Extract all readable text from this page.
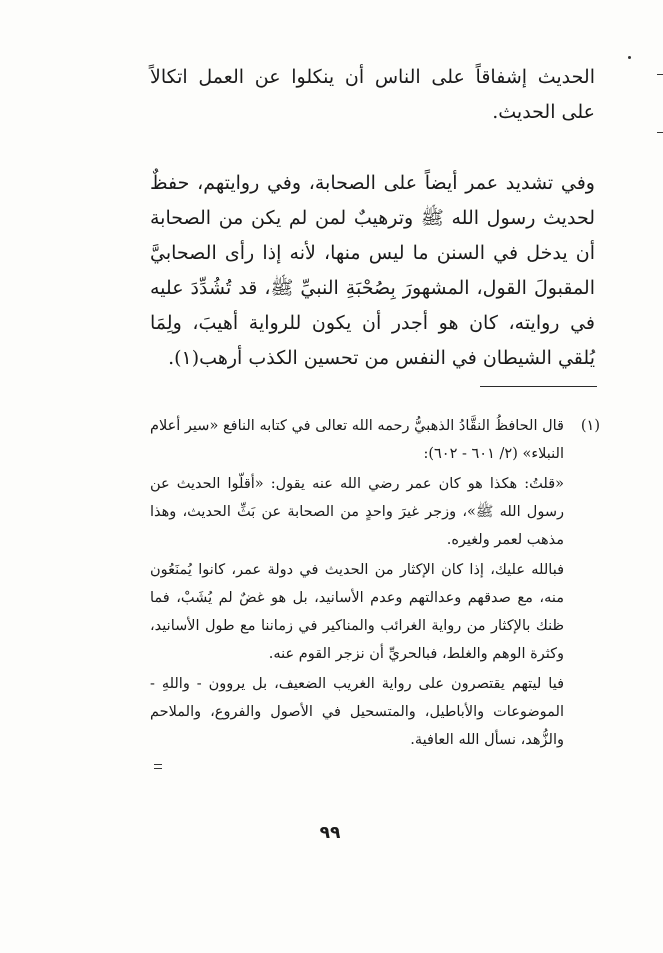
الحديث إشفاقاً على الناس أن ينكلوا عن العمل اتكالاً على الحديث.

وفي تشديد عمر أيضاً على الصحابة، وفي روايتهم، حفظٌ لحديث رسول الله ﷺ وترهيبٌ لمن لم يكن من الصحابة أن يدخل في السنن ما ليس منها، لأنه إذا رأى الصحابيَّ المقبولَ القول، المشهورَ بِصُحْبَةِ النبيِّ ﷺ، قد تُشُدِّدَ عليه في روايته، كان هو أجدر أن يكون للرواية أهيبَ، ولِمَا يُلقي الشيطان في النفس من تحسين الكذب أرهب(١).

(١)

قال الحافظُ النقَّادُ الذهبيُّ رحمه الله تعالى في كتابه النافع «سير أعلام النبلاء» (٢/ ٦٠١ - ٦٠٢):

«قلتُ: هكذا هو كان عمر رضي الله عنه يقول: «أقلّوا الحديث عن رسول الله ﷺ»، وزجر غيرَ واحدٍ من الصحابة عن بَثِّ الحديث، وهذا مذهب لعمر ولغيره.

فبالله عليك، إذا كان الإكثار من الحديث في دولة عمر، كانوا يُمنَعُون منه، مع صدقهم وعدالتهم وعدم الأسانيد، بل هو غضٌ لم يُشَبْ، فما ظنك بالإكثار من رواية الغرائب والمناكير في زماننا مع طول الأسانيد، وكثرة الوهم والغلط، فبالحريِّ أن نزجر القوم عنه.

فيا ليتهم يقتصرون على رواية الغريب الضعيف، بل يروون - واللهِ - الموضوعات والأباطيل، والمتسحيل في الأصول والفروع، والملاحم والزُّهد، نسأل الله العافية.

٩٩
